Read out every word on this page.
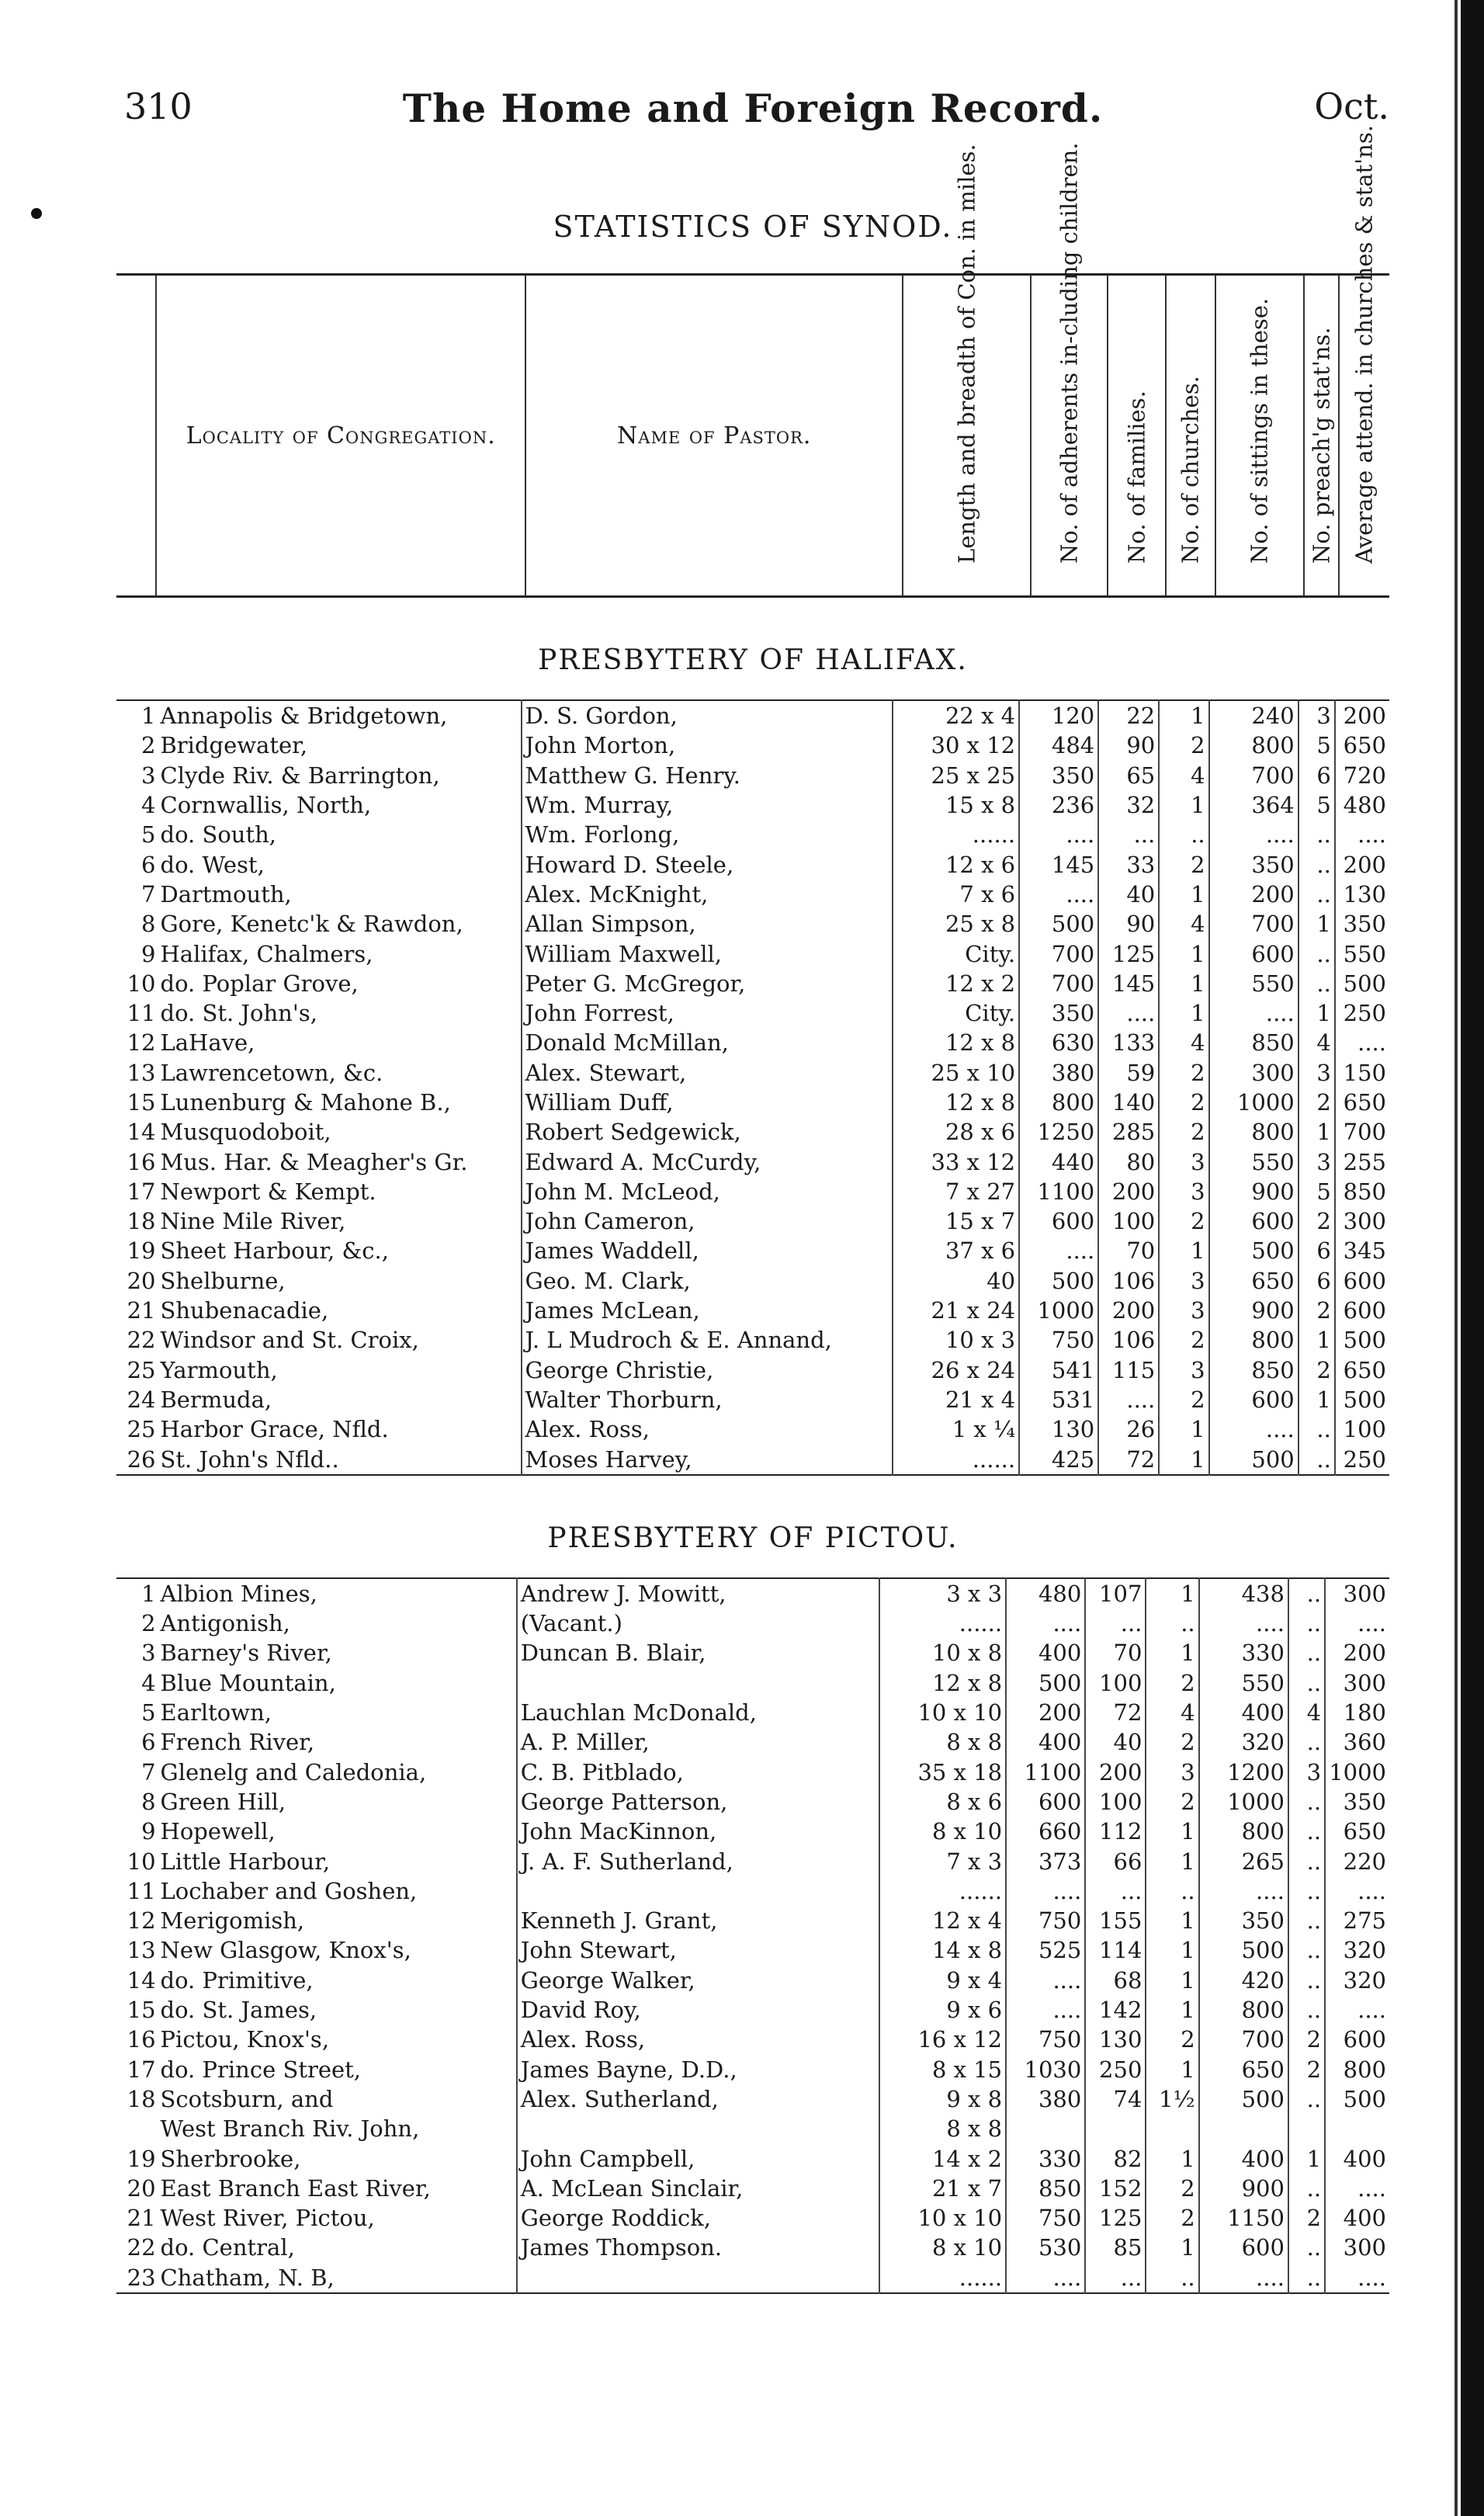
310	The Home and Foreign Record.	Oct.
STATISTICS OF SYNOD.
	Locality of Congregation.	Name of Pastor.	Length and breadth of Con. in miles.	No. of adherents in-cluding children.	No. of families.	No. of churches.	No. of sittings in these.	No. preach'g stat'ns.	Average attend. in churches & stat'ns.
PRESBYTERY OF HALIFAX.
1	Annapolis & Bridgetown,	D. S. Gordon,	22 x 4	120	22	1	240	3	200
2	Bridgewater,	John Morton,	30 x 12	484	90	2	800	5	650
3	Clyde Riv. & Barrington,	Matthew G. Henry.	25 x 25	350	65	4	700	6	720
4	Cornwallis, North,	Wm. Murray,	15 x 8	236	32	1	364	5	480
5	do. South,	Wm. Forlong,	......	....	...	..	....	..	....
6	do. West,	Howard D. Steele,	12 x 6	145	33	2	350	..	200
7	Dartmouth,	Alex. McKnight,	7 x 6	....	40	1	200	..	130
8	Gore, Kenetc'k & Rawdon,	Allan Simpson,	25 x 8	500	90	4	700	1	350
9	Halifax, Chalmers,	William Maxwell,	City.	700	125	1	600	..	550
10	do. Poplar Grove,	Peter G. McGregor,	12 x 2	700	145	1	550	..	500
11	do. St. John's,	John Forrest,	City.	350	....	1	....	1	250
12	LaHave,	Donald McMillan,	12 x 8	630	133	4	850	4	....
13	Lawrencetown, &c.	Alex. Stewart,	25 x 10	380	59	2	300	3	150
15	Lunenburg & Mahone B.,	William Duff,	12 x 8	800	140	2	1000	2	650
14	Musquodoboit,	Robert Sedgewick,	28 x 6	1250	285	2	800	1	700
16	Mus. Har. & Meagher's Gr.	Edward A. McCurdy,	33 x 12	440	80	3	550	3	255
17	Newport & Kempt.	John M. McLeod,	7 x 27	1100	200	3	900	5	850
18	Nine Mile River,	John Cameron,	15 x 7	600	100	2	600	2	300
19	Sheet Harbour, &c.,	James Waddell,	37 x 6	....	70	1	500	6	345
20	Shelburne,	Geo. M. Clark,	40	500	106	3	650	6	600
21	Shubenacadie,	James McLean,	21 x 24	1000	200	3	900	2	600
22	Windsor and St. Croix,	J. L Mudroch & E. Annand,	10 x 3	750	106	2	800	1	500
25	Yarmouth,	George Christie,	26 x 24	541	115	3	850	2	650
24	Bermuda,	Walter Thorburn,	21 x 4	531	....	2	600	1	500
25	Harbor Grace, Nfld.	Alex. Ross,	1 x ¼	130	26	1	....	..	100
26	St. John's Nfld..	Moses Harvey,	......	425	72	1	500	..	250
PRESBYTERY OF PICTOU.
1	Albion Mines,	Andrew J. Mowitt,	3 x 3	480	107	1	438	..	300
2	Antigonish,	(Vacant.)	......	....	...	..	....	..	....
3	Barney's River,	Duncan B. Blair,	10 x 8	400	70	1	330	..	200
4	Blue Mountain,		12 x 8	500	100	2	550	..	300
5	Earltown,	Lauchlan McDonald,	10 x 10	200	72	4	400	4	180
6	French River,	A. P. Miller,	8 x 8	400	40	2	320	..	360
7	Glenelg and Caledonia,	C. B. Pitblado,	35 x 18	1100	200	3	1200	3	1000
8	Green Hill,	George Patterson,	8 x 6	600	100	2	1000	..	350
9	Hopewell,	John MacKinnon,	8 x 10	660	112	1	800	..	650
10	Little Harbour,	J. A. F. Sutherland,	7 x 3	373	66	1	265	..	220
11	Lochaber and Goshen,		......	....	...	..	....	..	....
12	Merigomish,	Kenneth J. Grant,	12 x 4	750	155	1	350	..	275
13	New Glasgow, Knox's,	John Stewart,	14 x 8	525	114	1	500	..	320
14	do. Primitive,	George Walker,	9 x 4	....	68	1	420	..	320
15	do. St. James,	David Roy,	9 x 6	....	142	1	800	..	....
16	Pictou, Knox's,	Alex. Ross,	16 x 12	750	130	2	700	2	600
17	do. Prince Street,	James Bayne, D.D.,	8 x 15	1030	250	1	650	2	800
18	Scotsburn, and	Alex. Sutherland,	9 x 8	380	74	1½	500	..	500
	West Branch Riv. John,		8 x 8						
19	Sherbrooke,	John Campbell,	14 x 2	330	82	1	400	1	400
20	East Branch East River,	A. McLean Sinclair,	21 x 7	850	152	2	900	..	....
21	West River, Pictou,	George Roddick,	10 x 10	750	125	2	1150	2	400
22	do. Central,	James Thompson.	8 x 10	530	85	1	600	..	300
23	Chatham, N. B,		......	....	...	..	....	..	....
